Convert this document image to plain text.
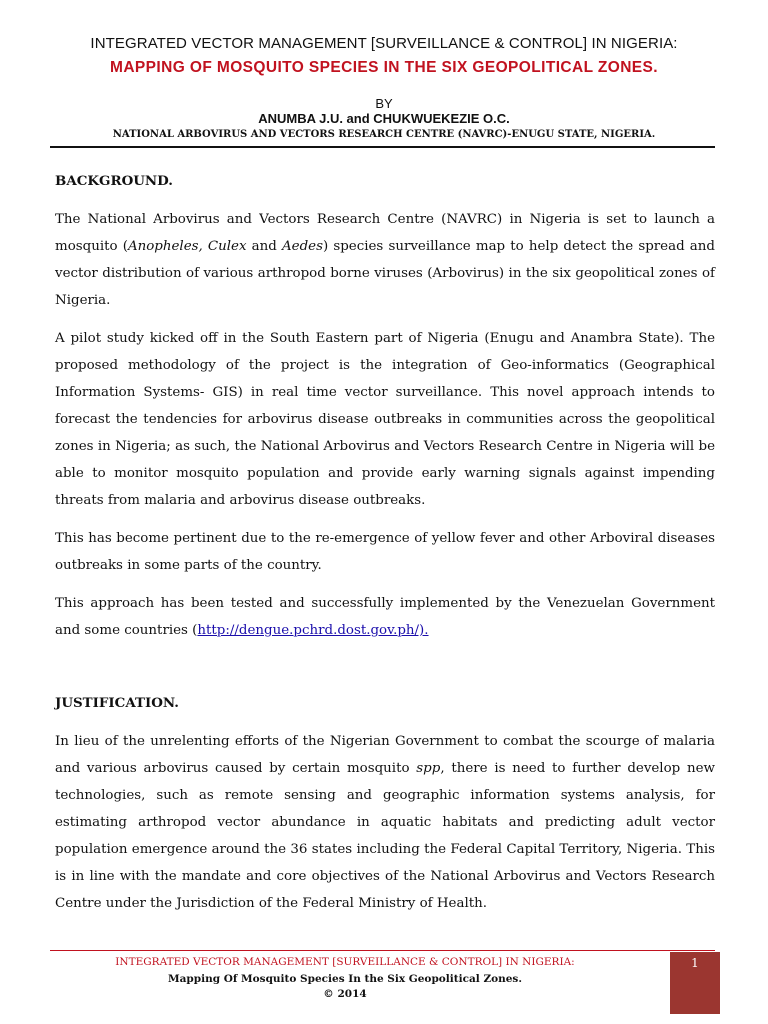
INTEGRATED VECTOR MANAGEMENT [SURVEILLANCE & CONTROL] IN NIGERIA:
MAPPING OF MOSQUITO SPECIES IN THE SIX GEOPOLITICAL ZONES.
BY
ANUMBA J.U. and CHUKWUEKEZIE O.C.
NATIONAL ARBOVIRUS AND VECTORS RESEARCH CENTRE (NAVRC)-ENUGU STATE, NIGERIA.
BACKGROUND.

The National Arbovirus and Vectors Research Centre (NAVRC) in Nigeria is set to launch a mosquito (Anopheles, Culex and Aedes) species surveillance map to help detect the spread and vector distribution of various arthropod borne viruses (Arbovirus) in the six geopolitical zones of Nigeria.

A pilot study kicked off in the South Eastern part of Nigeria (Enugu and Anambra State). The proposed methodology of the project is the integration of Geo-informatics (Geographical Information Systems- GIS) in real time vector surveillance. This novel approach intends to forecast the tendencies for arbovirus disease outbreaks in communities across the geopolitical zones in Nigeria; as such, the National Arbovirus and Vectors Research Centre in Nigeria will be able to monitor mosquito population and provide early warning signals against impending threats from malaria and arbovirus disease outbreaks.

This has become pertinent due to the re-emergence of yellow fever and other Arboviral diseases outbreaks in some parts of the country.

This approach has been tested and successfully implemented by the Venezuelan Government and some countries (http://dengue.pchrd.dost.gov.ph/).

JUSTIFICATION.

In lieu of the unrelenting efforts of the Nigerian Government to combat the scourge of malaria and various arbovirus caused by certain mosquito spp, there is need to further develop new technologies, such as remote sensing and geographic information systems analysis, for estimating arthropod vector abundance in aquatic habitats and predicting adult vector population emergence around the 36 states including the Federal Capital Territory, Nigeria. This is in line with the mandate and core objectives of the National Arbovirus and Vectors Research Centre under the Jurisdiction of the Federal Ministry of Health.

INTEGRATED VECTOR MANAGEMENT [SURVEILLANCE & CONTROL] IN NIGERIA:
Mapping Of Mosquito Species In the Six Geopolitical Zones.
© 2014
1
